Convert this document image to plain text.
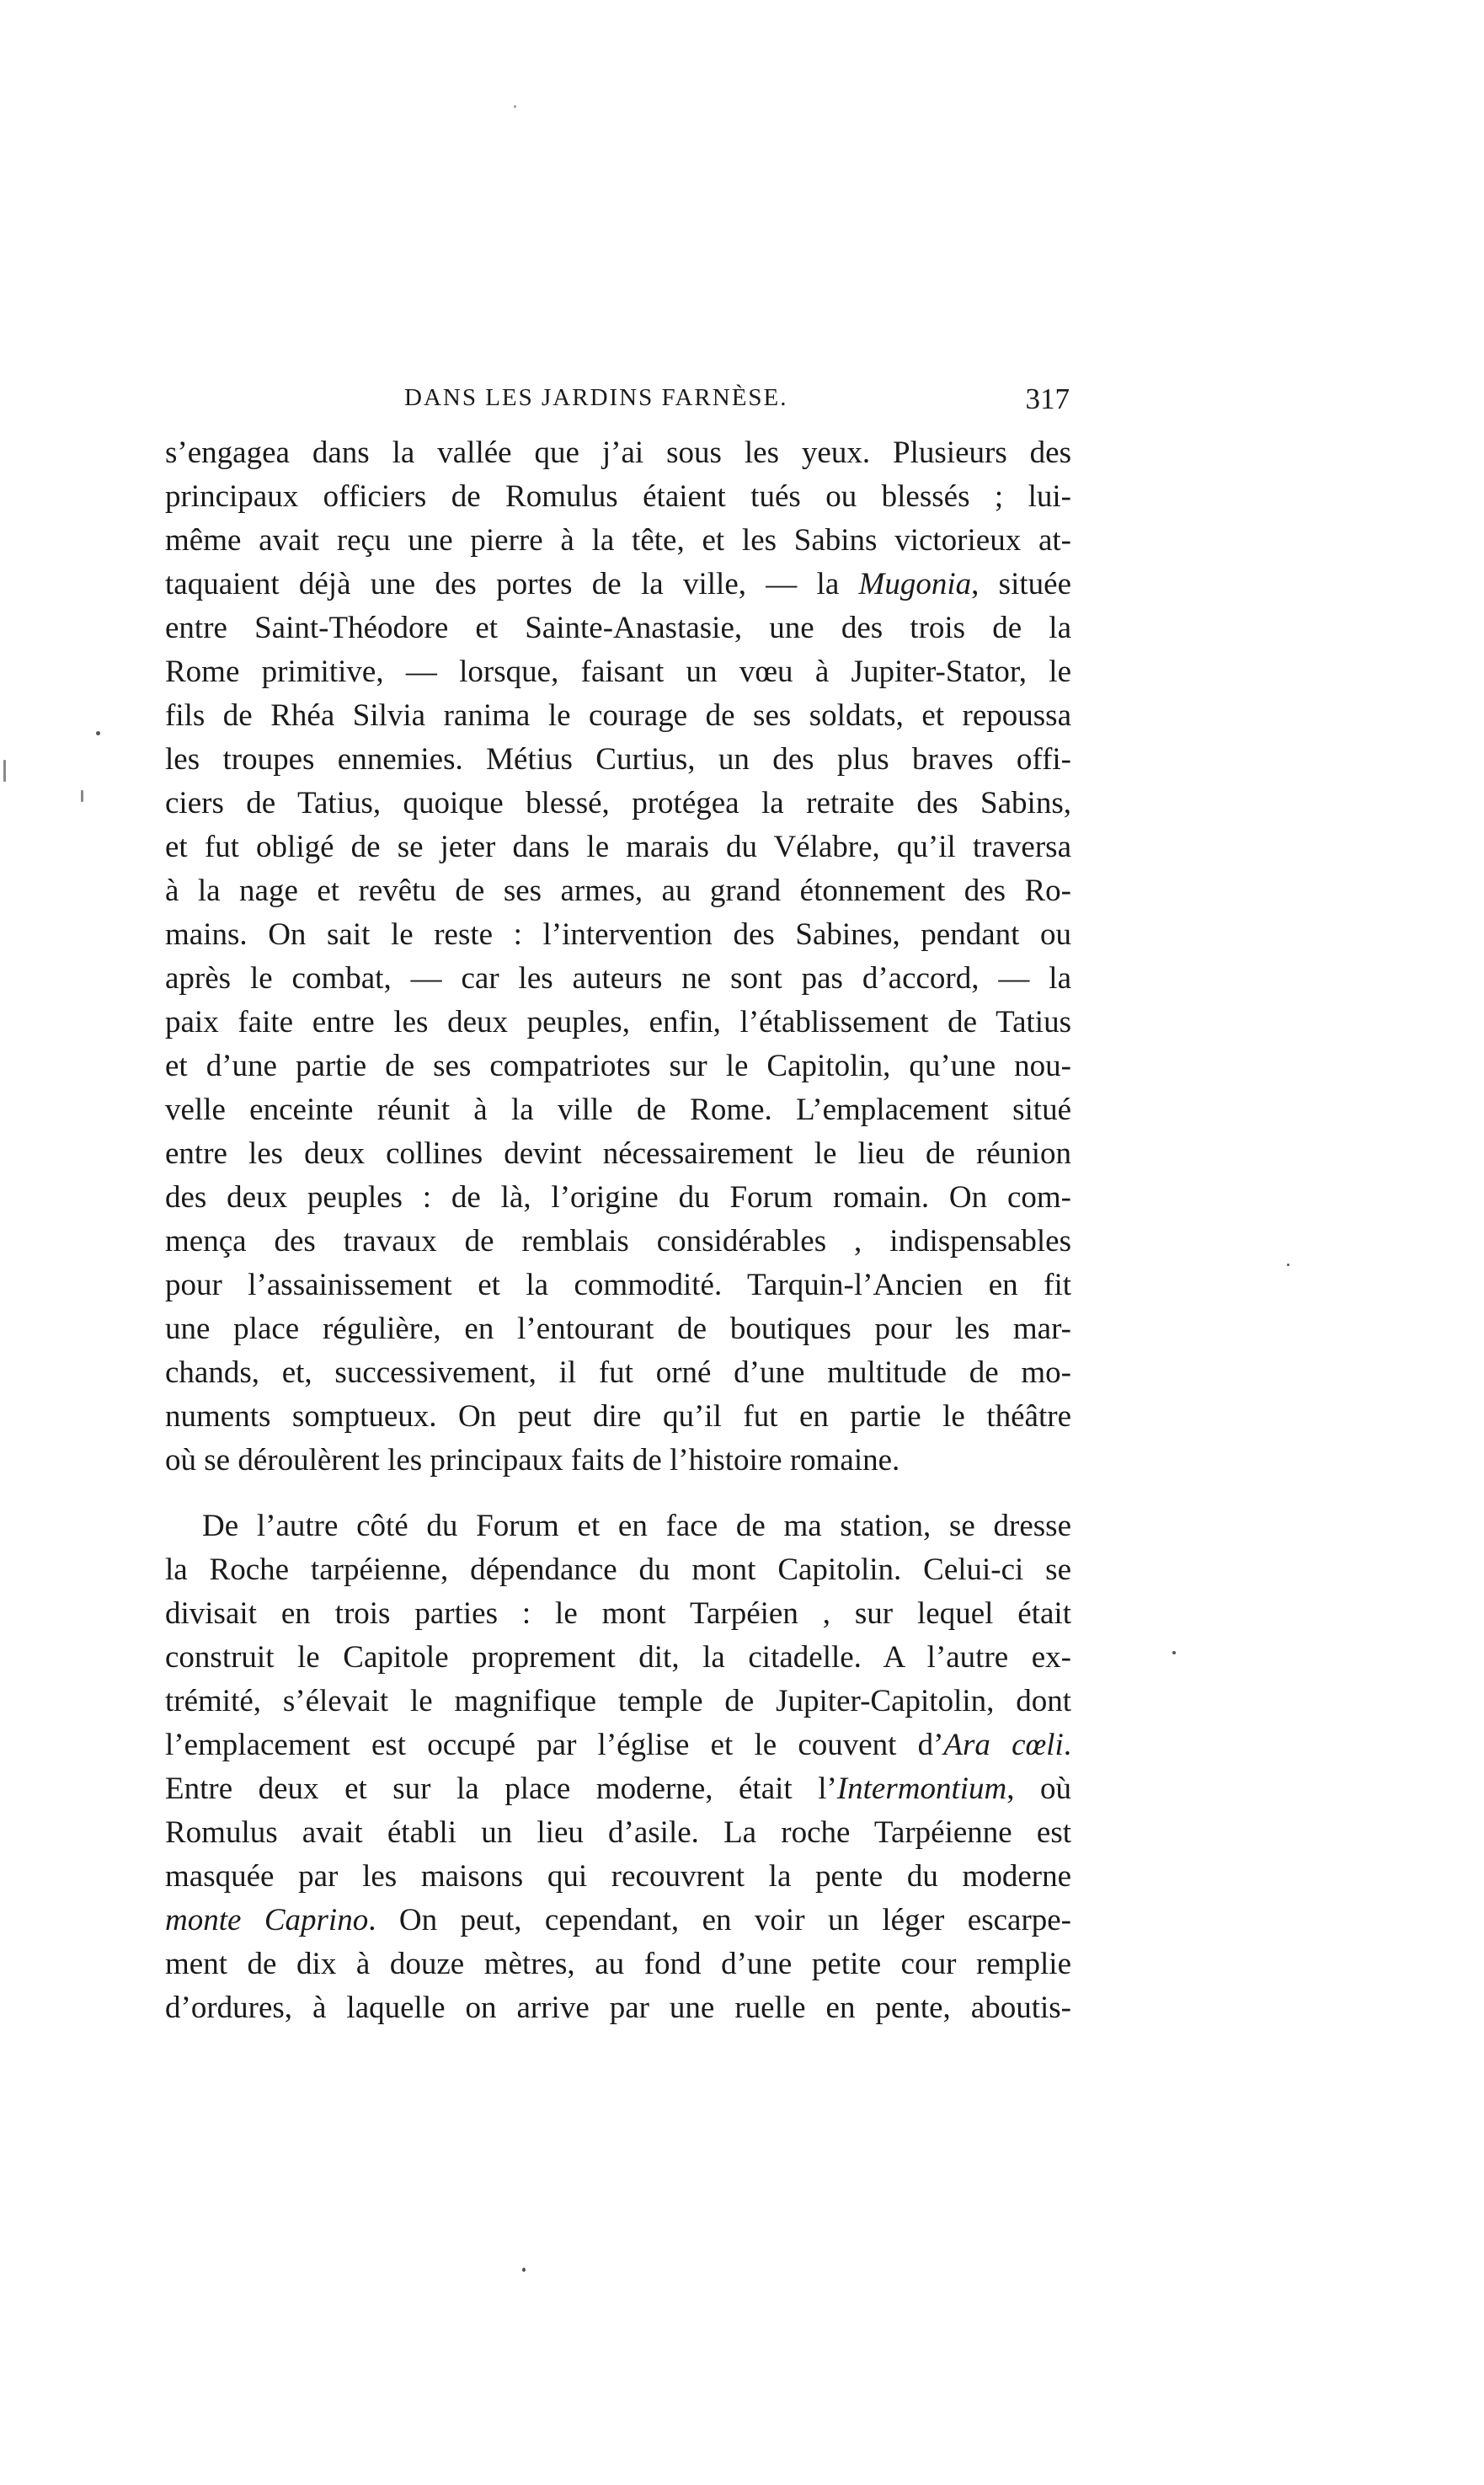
DANS LES JARDINS FARNÈSE.	317
s’engagea dans la vallée que j’ai sous les yeux. Plusieurs des
principaux officiers de Romulus étaient tués ou blessés ; lui-
même avait reçu une pierre à la tête, et les Sabins victorieux at-
taquaient déjà une des portes de la ville, — la Mugonia, située
entre Saint-Théodore et Sainte-Anastasie, une des trois de la
Rome primitive, — lorsque, faisant un vœu à Jupiter-Stator, le
fils de Rhéa Silvia ranima le courage de ses soldats, et repoussa
les troupes ennemies. Métius Curtius, un des plus braves offi-
ciers de Tatius, quoique blessé, protégea la retraite des Sabins,
et fut obligé de se jeter dans le marais du Vélabre, qu’il traversa
à la nage et revêtu de ses armes, au grand étonnement des Ro-
mains. On sait le reste : l’intervention des Sabines, pendant ou
après le combat, — car les auteurs ne sont pas d’accord, — la
paix faite entre les deux peuples, enfin, l’établissement de Tatius
et d’une partie de ses compatriotes sur le Capitolin, qu’une nou-
velle enceinte réunit à la ville de Rome. L’emplacement situé
entre les deux collines devint nécessairement le lieu de réunion
des deux peuples : de là, l’origine du Forum romain. On com-
mença des travaux de remblais considérables , indispensables
pour l’assainissement et la commodité. Tarquin-l’Ancien en fit
une place régulière, en l’entourant de boutiques pour les mar-
chands, et, successivement, il fut orné d’une multitude de mo-
numents somptueux. On peut dire qu’il fut en partie le théâtre
où se déroulèrent les principaux faits de l’histoire romaine.
De l’autre côté du Forum et en face de ma station, se dresse
la Roche tarpéienne, dépendance du mont Capitolin. Celui-ci se
divisait en trois parties : le mont Tarpéien , sur lequel était
construit le Capitole proprement dit, la citadelle. A l’autre ex-
trémité, s’élevait le magnifique temple de Jupiter-Capitolin, dont
l’emplacement est occupé par l’église et le couvent d’Ara cœli.
Entre deux et sur la place moderne, était l’Intermontium, où
Romulus avait établi un lieu d’asile. La roche Tarpéienne est
masquée par les maisons qui recouvrent la pente du moderne
monte Caprino. On peut, cependant, en voir un léger escarpe-
ment de dix à douze mètres, au fond d’une petite cour remplie
d’ordures, à laquelle on arrive par une ruelle en pente, aboutis-
